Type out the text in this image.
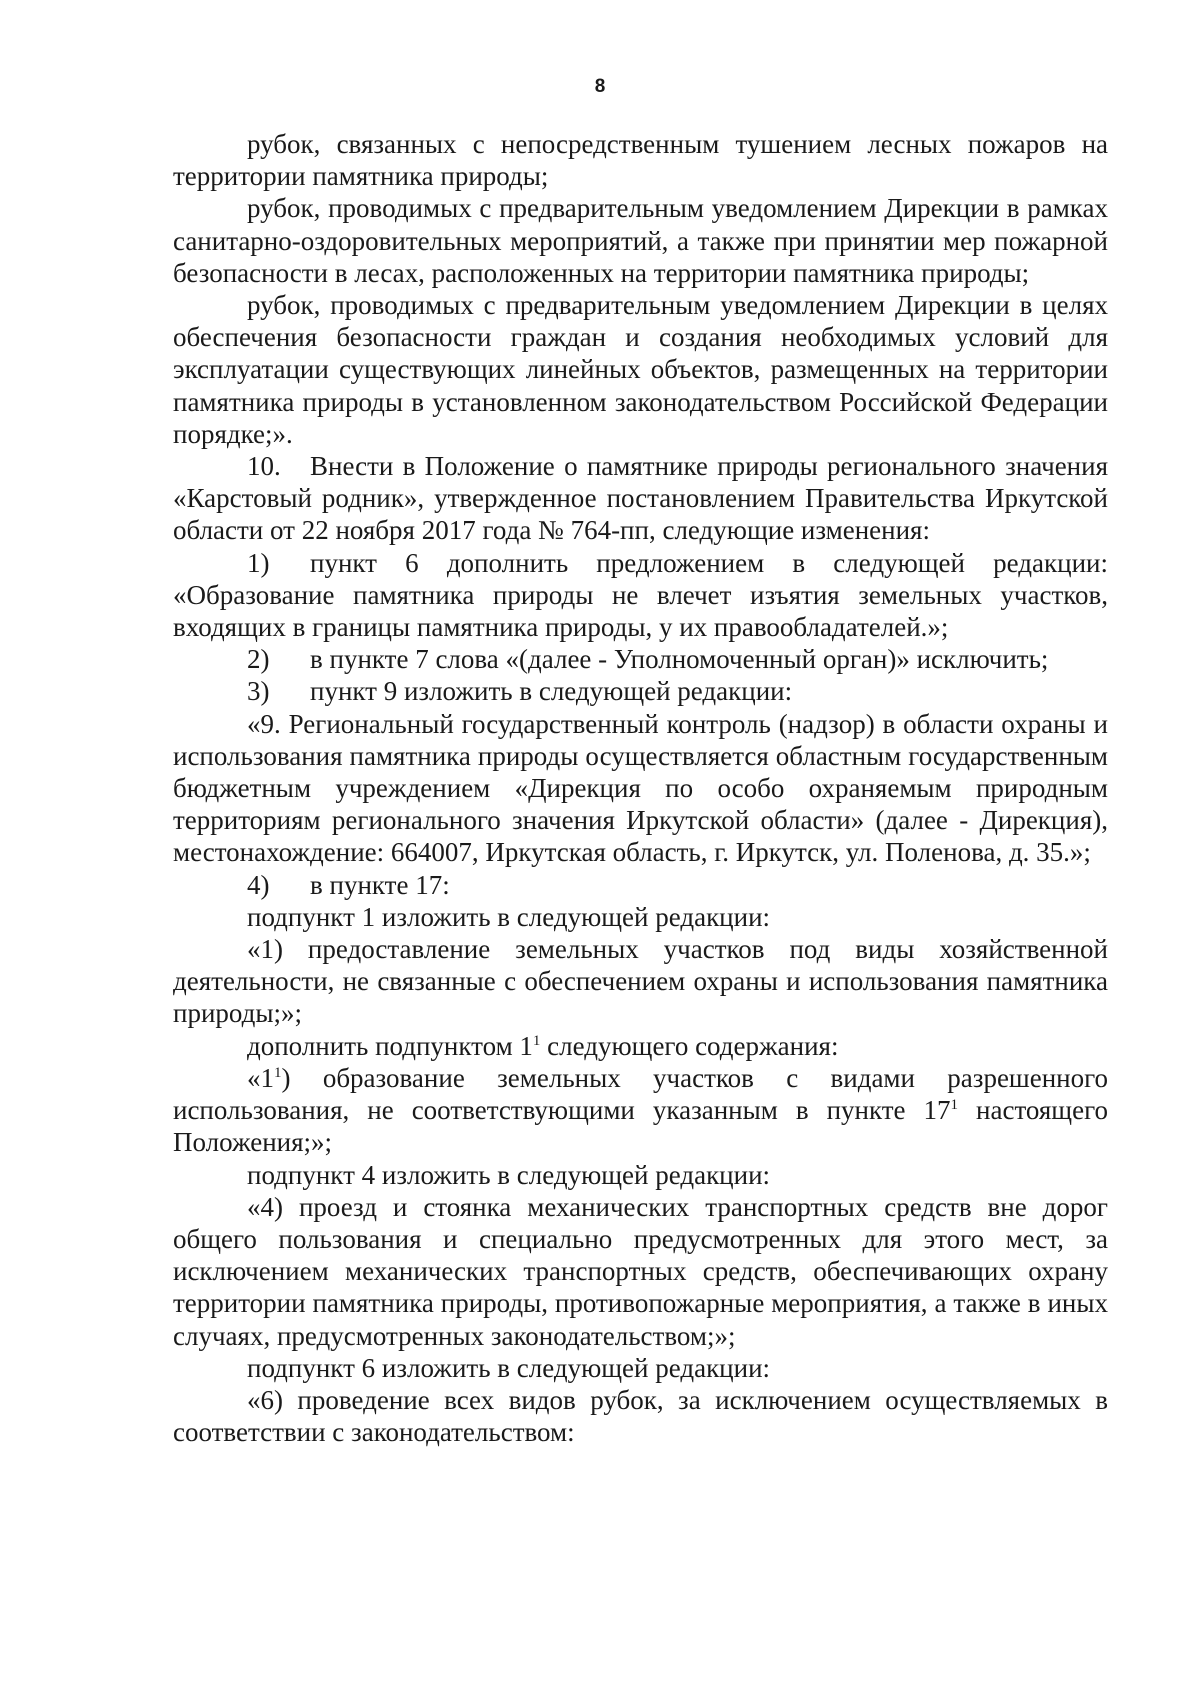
8

рубок, связанных с непосредственным тушением лесных пожаров на территории памятника природы;

рубок, проводимых с предварительным уведомлением Дирекции в рамках санитарно-оздоровительных мероприятий, а также при принятии мер пожарной безопасности в лесах, расположенных на территории памятника природы;

рубок, проводимых с предварительным уведомлением Дирекции в целях обеспечения безопасности граждан и создания необходимых условий для эксплуатации существующих линейных объектов, размещенных на территории памятника природы в установленном законодательством Российской Федерации порядке;».

10. Внести в Положение о памятнике природы регионального значения «Карстовый родник», утвержденное постановлением Правительства Иркутской области от 22 ноября 2017 года № 764-пп, следующие изменения:

1) пункт 6 дополнить предложением в следующей редакции: «Образование памятника природы не влечет изъятия земельных участков, входящих в границы памятника природы, у их правообладателей.»;

2) в пункте 7 слова «(далее - Уполномоченный орган)» исключить;

3) пункт 9 изложить в следующей редакции:

«9. Региональный государственный контроль (надзор) в области охраны и использования памятника природы осуществляется областным государственным бюджетным учреждением «Дирекция по особо охраняемым природным территориям регионального значения Иркутской области» (далее - Дирекция), местонахождение: 664007, Иркутская область, г. Иркутск, ул. Поленова, д. 35.»;

4) в пункте 17:

подпункт 1 изложить в следующей редакции:

«1) предоставление земельных участков под виды хозяйственной деятельности, не связанные с обеспечением охраны и использования памятника природы;»;

дополнить подпунктом $1^1$ следующего содержания:

«$1^1$) образование земельных участков с видами разрешенного использования, не соответствующими указанным в пункте $17^1$ настоящего Положения;»;

подпункт 4 изложить в следующей редакции:

«4) проезд и стоянка механических транспортных средств вне дорог общего пользования и специально предусмотренных для этого мест, за исключением механических транспортных средств, обеспечивающих охрану территории памятника природы, противопожарные мероприятия, а также в иных случаях, предусмотренных законодательством;»;

подпункт 6 изложить в следующей редакции:

«6) проведение всех видов рубок, за исключением осуществляемых в соответствии с законодательством:
